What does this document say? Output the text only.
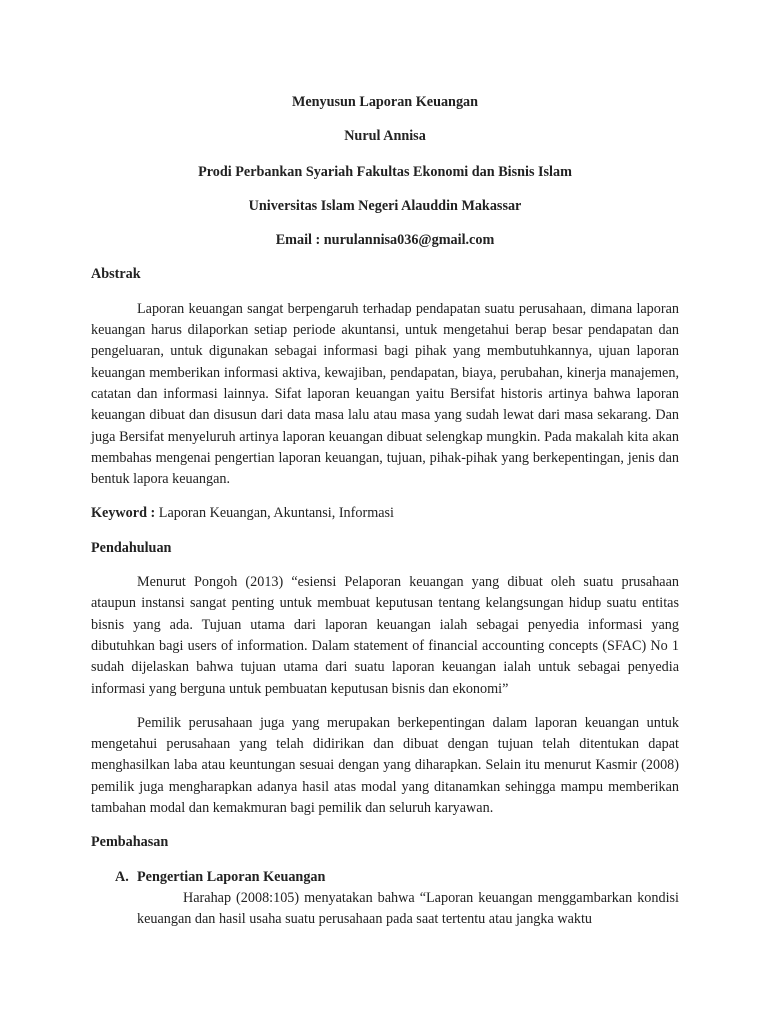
Menyusun Laporan Keuangan
Nurul Annisa
Prodi Perbankan Syariah Fakultas Ekonomi dan Bisnis Islam
Universitas Islam Negeri Alauddin Makassar
Email : nurulannisa036@gmail.com
Abstrak

Laporan keuangan sangat berpengaruh terhadap pendapatan suatu perusahaan, dimana laporan keuangan harus dilaporkan setiap periode akuntansi, untuk mengetahui berap besar pendapatan dan pengeluaran, untuk digunakan sebagai informasi bagi pihak yang membutuhkannya, ujuan laporan keuangan memberikan informasi aktiva, kewajiban, pendapatan, biaya, perubahan, kinerja manajemen, catatan dan informasi lainnya. Sifat laporan keuangan yaitu Bersifat historis artinya bahwa laporan keuangan dibuat dan disusun dari data masa lalu atau masa yang sudah lewat dari masa sekarang. Dan juga Bersifat menyeluruh artinya laporan keuangan dibuat selengkap mungkin. Pada makalah kita akan membahas mengenai pengertian laporan keuangan, tujuan, pihak-pihak yang berkepentingan, jenis dan bentuk lapora keuangan.

Keyword : Laporan Keuangan, Akuntansi, Informasi
Pendahuluan

Menurut Pongoh (2013) “esiensi Pelaporan keuangan yang dibuat oleh suatu prusahaan ataupun instansi sangat penting untuk membuat keputusan tentang kelangsungan hidup suatu entitas bisnis yang ada. Tujuan utama dari laporan keuangan ialah sebagai penyedia informasi yang dibutuhkan bagi users of information. Dalam statement of financial accounting concepts (SFAC) No 1 sudah dijelaskan bahwa tujuan utama dari suatu laporan keuangan ialah untuk sebagai penyedia informasi yang berguna untuk pembuatan keputusan bisnis dan ekonomi”

Pemilik perusahaan juga yang merupakan berkepentingan dalam laporan keuangan untuk mengetahui perusahaan yang telah didirikan dan dibuat dengan tujuan telah ditentukan dapat menghasilkan laba atau keuntungan sesuai dengan yang diharapkan. Selain itu menurut Kasmir (2008) pemilik juga mengharapkan adanya hasil atas modal yang ditanamkan sehingga mampu memberikan tambahan modal dan kemakmuran bagi pemilik dan seluruh karyawan.

Pembahasan
A. Pengertian Laporan Keuangan

Harahap (2008:105) menyatakan bahwa “Laporan keuangan menggambarkan kondisi keuangan dan hasil usaha suatu perusahaan pada saat tertentu atau jangka waktu
